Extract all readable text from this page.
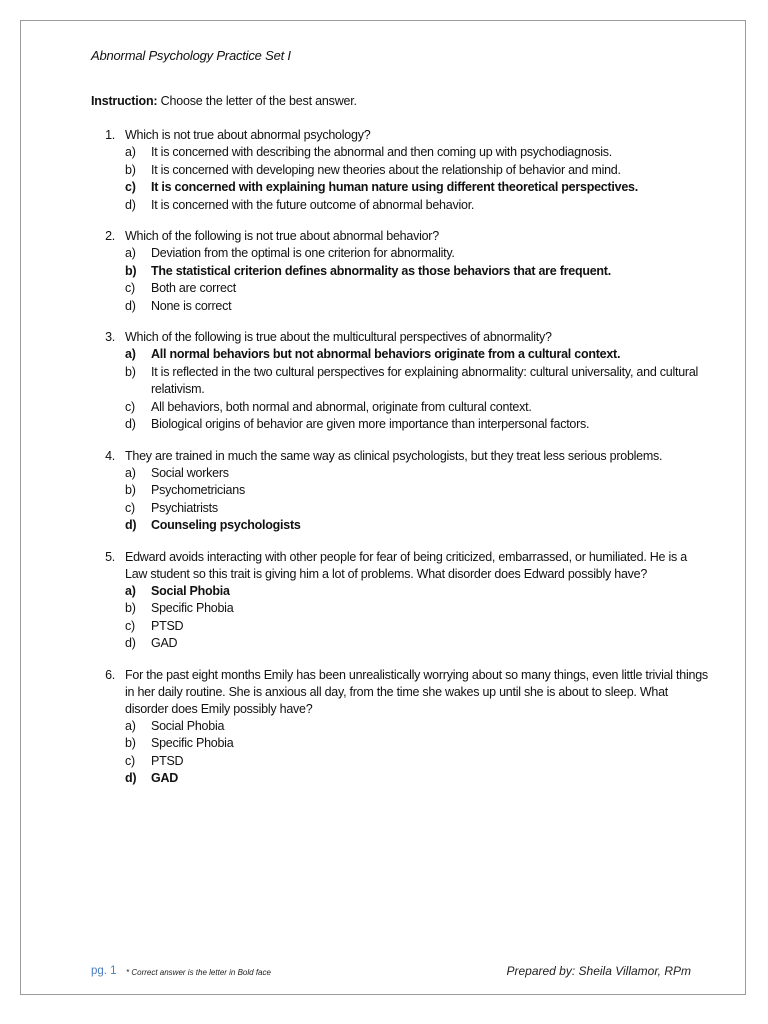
Abnormal Psychology Practice Set I
Instruction: Choose the letter of the best answer.
1. Which is not true about abnormal psychology?
a)	It is concerned with describing the abnormal and then coming up with psychodiagnosis.
b)	It is concerned with developing new theories about the relationship of behavior and mind.
c)	It is concerned with explaining human nature using different theoretical perspectives.
d)	It is concerned with the future outcome of abnormal behavior.
2. Which of the following is not true about abnormal behavior?
a)	Deviation from the optimal is one criterion for abnormality.
b)	The statistical criterion defines abnormality as those behaviors that are frequent.
c)	Both are correct
d)	None is correct
3. Which of the following is true about the multicultural perspectives of abnormality?
a)	All normal behaviors but not abnormal behaviors originate from a cultural context.
b)	It is reflected in the two cultural perspectives for explaining abnormality: cultural universality, and cultural relativism.
c)	All behaviors, both normal and abnormal, originate from cultural context.
d)	Biological origins of behavior are given more importance than interpersonal factors.
4. They are trained in much the same way as clinical psychologists, but they treat less serious problems.
a)	Social workers
b)	Psychometricians
c)	Psychiatrists
d)	Counseling psychologists
5. Edward avoids interacting with other people for fear of being criticized, embarrassed, or humiliated. He is a Law student so this trait is giving him a lot of problems. What disorder does Edward possibly have?
a)	Social Phobia
b)	Specific Phobia
c)	PTSD
d)	GAD
6. For the past eight months Emily has been unrealistically worrying about so many things, even little trivial things in her daily routine. She is anxious all day, from the time she wakes up until she is about to sleep. What disorder does Emily possibly have?
a)	Social Phobia
b)	Specific Phobia
c)	PTSD
d)	GAD
pg. 1 * Correct answer is the letter in Bold face	Prepared by: Sheila Villamor, RPm
